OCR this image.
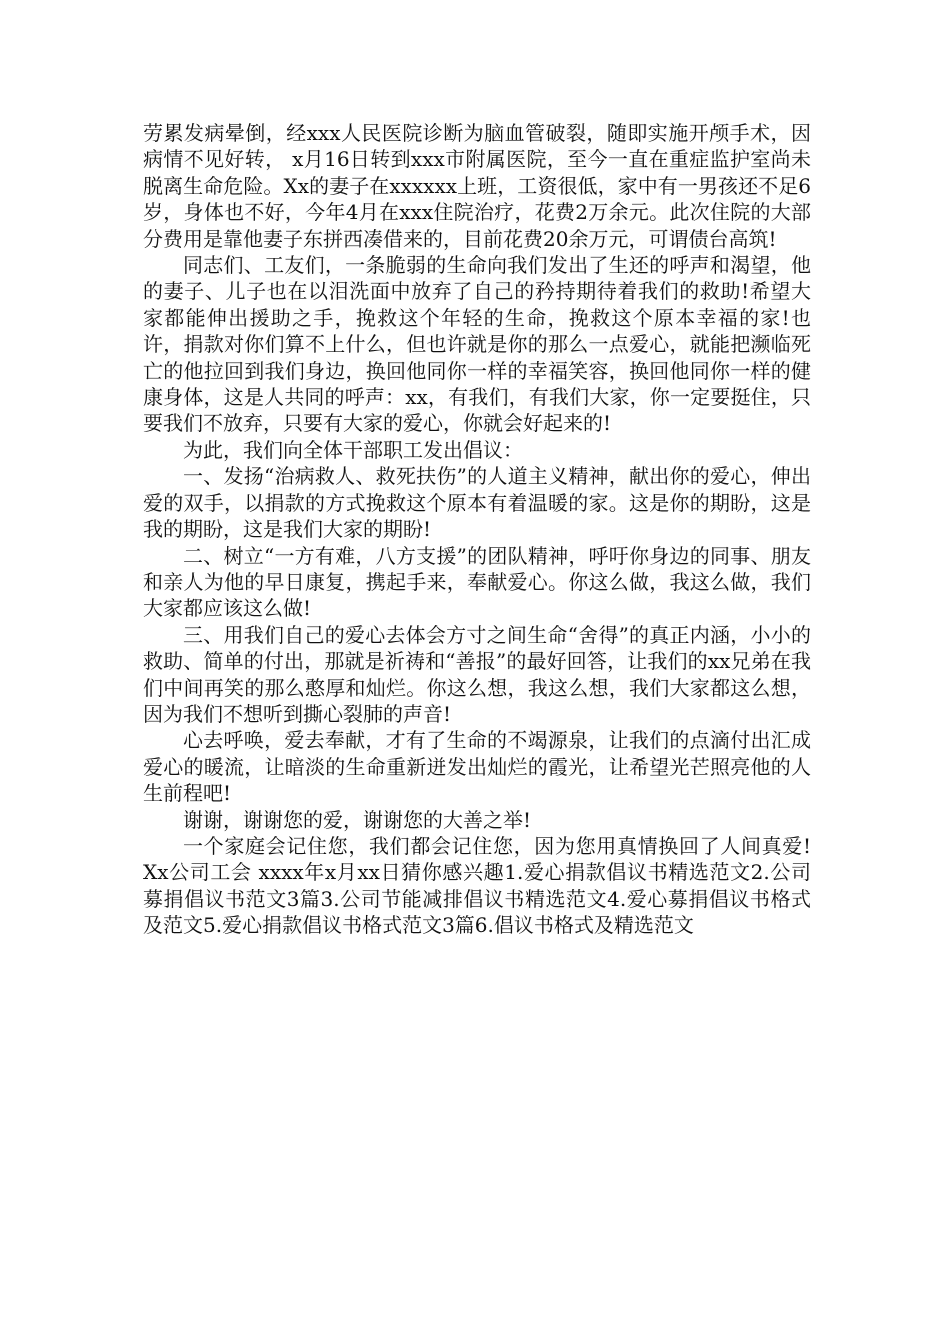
劳累发病晕倒，经xxx人民医院诊断为脑血管破裂，随即实施开颅手术，因病情不见好转， x月16日转到xxx市附属医院，至今一直在重症监护室尚未脱离生命危险。Xx的妻子在xxxxxx上班，工资很低，家中有一男孩还不足6岁，身体也不好，今年4月在xxx住院治疗，花费2万余元。此次住院的大部分费用是靠他妻子东拼西凑借来的，目前花费20余万元，可谓债台高筑!

同志们、工友们，一条脆弱的生命向我们发出了生还的呼声和渴望，他的妻子、儿子也在以泪洗面中放弃了自己的矜持期待着我们的救助!希望大家都能伸出援助之手，挽救这个年轻的生命，挽救这个原本幸福的家!也许，捐款对你们算不上什么，但也许就是你的那么一点爱心，就能把濒临死亡的他拉回到我们身边，换回他同你一样的幸福笑容，换回他同你一样的健康身体，这是人共同的呼声：xx，有我们，有我们大家，你一定要挺住，只要我们不放弃，只要有大家的爱心，你就会好起来的!

为此，我们向全体干部职工发出倡议：

一、发扬“治病救人、救死扶伤”的人道主义精神，献出你的爱心，伸出爱的双手，以捐款的方式挽救这个原本有着温暖的家。这是你的期盼，这是我的期盼，这是我们大家的期盼!

二、树立“一方有难，八方支援”的团队精神，呼吁你身边的同事、朋友和亲人为他的早日康复，携起手来，奉献爱心。你这么做，我这么做，我们大家都应该这么做!

三、用我们自己的爱心去体会方寸之间生命“舍得”的真正内涵，小小的救助、简单的付出，那就是祈祷和“善报”的最好回答，让我们的xx兄弟在我们中间再笑的那么憨厚和灿烂。你这么想，我这么想，我们大家都这么想，因为我们不想听到撕心裂肺的声音!

心去呼唤，爱去奉献，才有了生命的不竭源泉，让我们的点滴付出汇成爱心的暖流，让暗淡的生命重新迸发出灿烂的霞光，让希望光芒照亮他的人生前程吧!

谢谢，谢谢您的爱，谢谢您的大善之举!

一个家庭会记住您，我们都会记住您，因为您用真情换回了人间真爱! Xx公司工会 xxxx年x月xx日猜你感兴趣1.爱心捐款倡议书精选范文2.公司募捐倡议书范文3篇3.公司节能减排倡议书精选范文4.爱心募捐倡议书格式及范文5.爱心捐款倡议书格式范文3篇6.倡议书格式及精选范文
